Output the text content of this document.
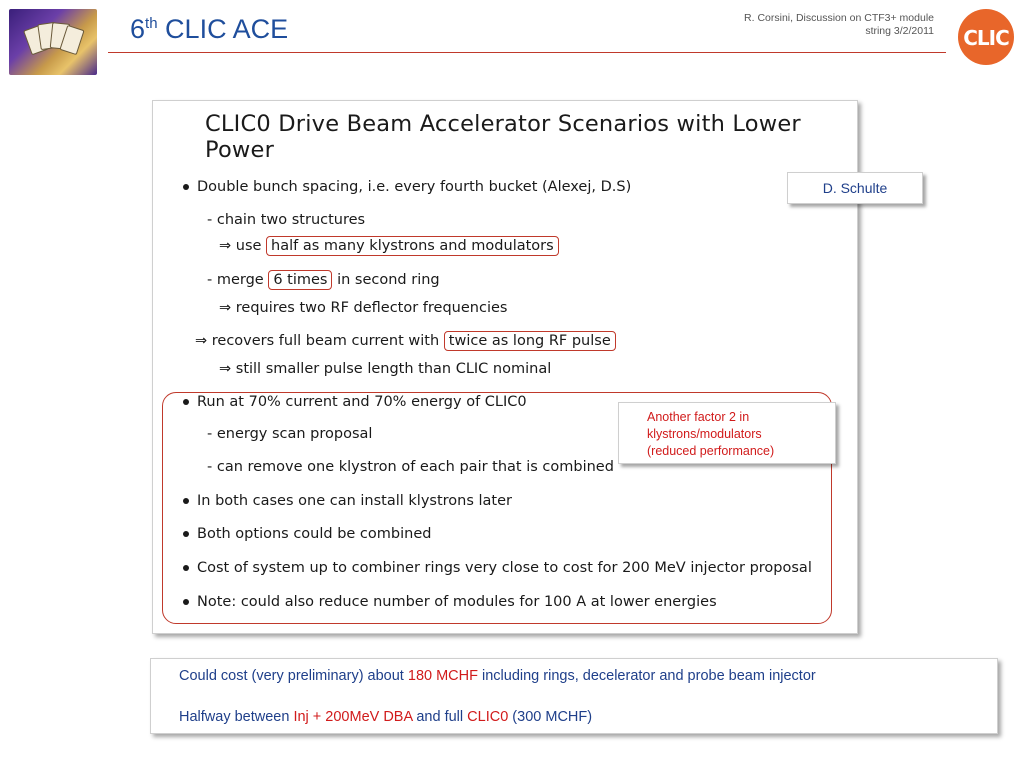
6th CLIC ACE	R. Corsini, Discussion on CTF3+ module
string 3/2/2011 CLIC
CLIC0 Drive Beam Accelerator Scenarios with Lower Power
Double bunch spacing, i.e. every fourth bucket (Alexej, D.S)
- chain two structures
⇒ use half as many klystrons and modulators
- merge 6 times in second ring
⇒ requires two RF deflector frequencies
⇒ recovers full beam current with twice as long RF pulse
⇒ still smaller pulse length than CLIC nominal
Run at 70% current and 70% energy of CLIC0
- energy scan proposal
- can remove one klystron of each pair that is combined
In both cases one can install klystrons later
Both options could be combined
Cost of system up to combiner rings very close to cost for 200 MeV injector proposal
Note: could also reduce number of modules for 100 A at lower energies
D. Schulte
Another factor 2 in
klystrons/modulators
(reduced performance)
Could cost (very preliminary) about 180 MCHF including rings, decelerator and probe beam injector
Halfway between Inj + 200MeV DBA and full CLIC0 (300 MCHF)
